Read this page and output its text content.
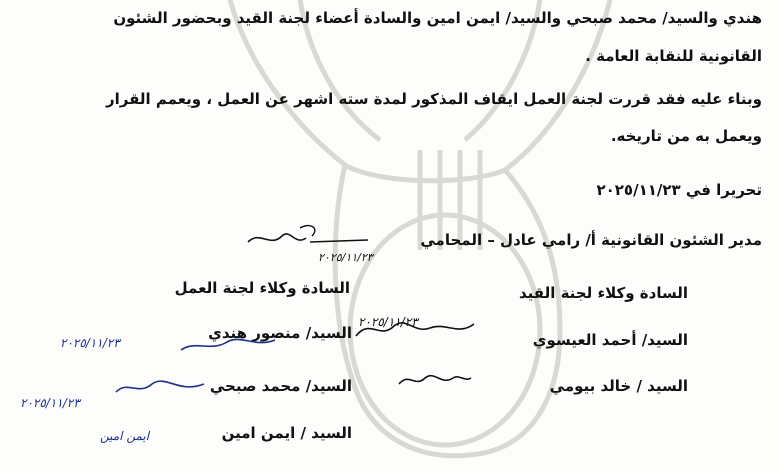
هندي والسيد/ محمد صبحي والسيد/ ايمن امين والسادة أعضاء لجنة القيد وبحضور الشئون
القانونية للنقابة العامة .
وبناء عليه فقد قررت لجنة العمل ايقاف المذكور لمدة سته اشهر عن العمل ، ويعمم القرار
ويعمل به من تاريخه.
تحريرا في ٢٠٢٥/١١/٢٣
مدير الشئون القانونية أ/ رامي عادل – المحامي
٢٠٢٥/١١/٢٣
السادة وكلاء لجنة العمل	السادة وكلاء لجنة القيد
السيد/ أحمد العيسوي
السيد / خالد بيومي
السيد/ منصور هندي
السيد/ محمد صبحي
السيد / ايمن امين
٢٠٢٥/١١/٢٣
٢٠٢٥/١١/٢٣
٢٠٢٥/١١/٢٣
ايمن امين
